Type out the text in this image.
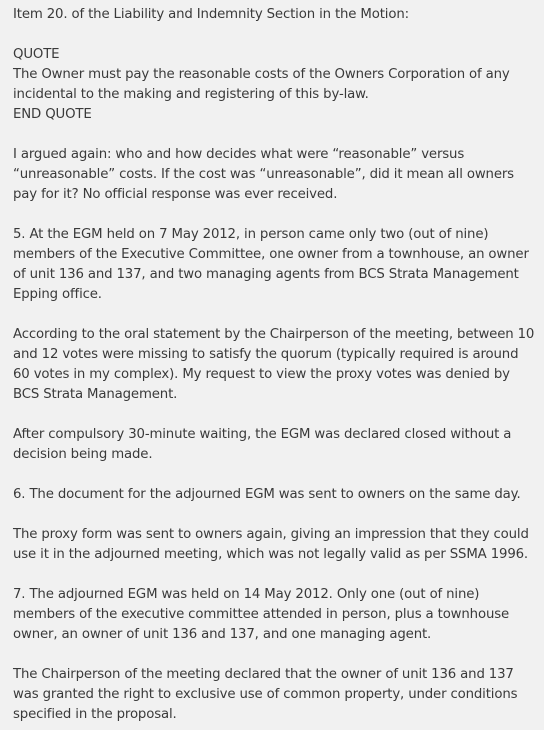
Item 20. of the Liability and Indemnity Section in the Motion:

QUOTE
The Owner must pay the reasonable costs of the Owners Corporation of any incidental to the making and registering of this by-law.
END QUOTE

I argued again: who and how decides what were “reasonable” versus “unreasonable” costs. If the cost was “unreasonable”, did it mean all owners pay for it? No official response was ever received.

5. At the EGM held on 7 May 2012, in person came only two (out of nine) members of the Executive Committee, one owner from a townhouse, an owner of unit 136 and 137, and two managing agents from BCS Strata Management Epping office.

According to the oral statement by the Chairperson of the meeting, between 10 and 12 votes were missing to satisfy the quorum (typically required is around 60 votes in my complex). My request to view the proxy votes was denied by BCS Strata Management.

After compulsory 30-minute waiting, the EGM was declared closed without a decision being made.

6. The document for the adjourned EGM was sent to owners on the same day.

The proxy form was sent to owners again, giving an impression that they could use it in the adjourned meeting, which was not legally valid as per SSMA 1996.

7. The adjourned EGM was held on 14 May 2012. Only one (out of nine) members of the executive committee attended in person, plus a townhouse owner, an owner of unit 136 and 137, and one managing agent.

The Chairperson of the meeting declared that the owner of unit 136 and 137 was granted the right to exclusive use of common property, under conditions specified in the proposal.
